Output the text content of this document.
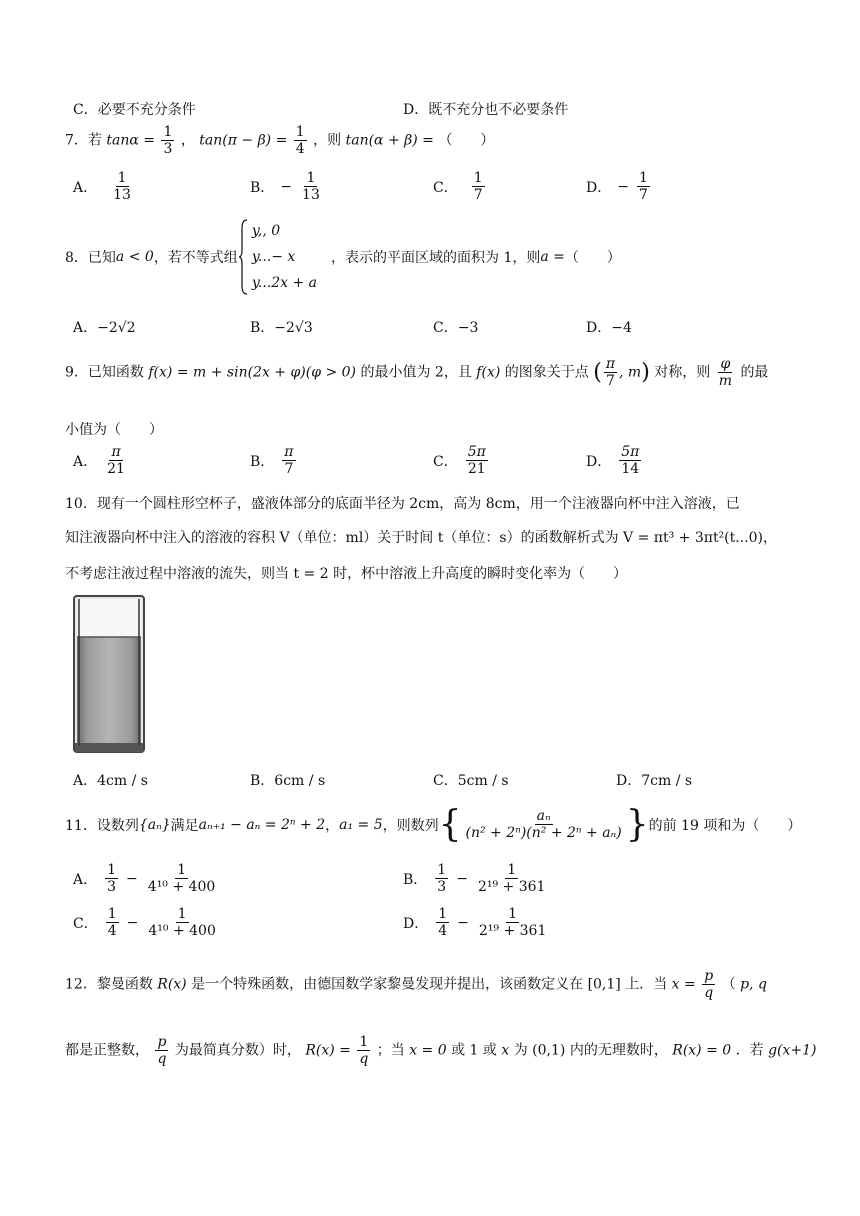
C．必要不充分条件	D．既不充分也不必要条件
7．若 $\tan\alpha = \frac{1}{3}$ ， $\tan(\pi - \beta) = \frac{1}{4}$ ，则 tan(α + β) = （　　）
A． $\frac{1}{13}$	B． − $\frac{1}{13}$	C． $\frac{1}{7}$	D． − $\frac{1}{7}$
8．已知 a < 0 ，若不等式组
y,, 0
y...− x
y...2x + a
，表示的平面区域的面积为 1，则 a = （　　）
A．−2√2	B．−2√3	C．−3	D．−4
9．已知函数 f(x) = m + sin(2x + φ)(φ > 0) 的最小值为 2，且 f(x) 的图象关于点 ( $\frac{\pi}{7}$ , m) 对称，则 $\frac{\varphi}{m}$ 的最
小值为（　　）
A． $\frac{\pi}{21}$	B． $\frac{\pi}{7}$	C． $\frac{5\pi}{21}$	D． $\frac{5\pi}{14}$
10．现有一个圆柱形空杯子，盛液体部分的底面半径为 2cm，高为 8cm，用一个注液器向杯中注入溶液，已
知注液器向杯中注入的溶液的容积 V（单位：ml）关于时间 t（单位：s）的函数解析式为 V = πt³ + 3πt²(t...0)，
不考虑注液过程中溶液的流失，则当 t = 2 时，杯中溶液上升高度的瞬时变化率为（　　）
A．4cm / s	B．6cm / s	C．5cm / s	D．7cm / s
11．设数列 {aₙ} 满足 aₙ₊₁ − aₙ = 2ⁿ + 2 ， a₁ = 5 ，则数列 { $\frac{\text{aₙ}}{\text{(n² + 2ⁿ)(n² + 2ⁿ + aₙ)}}$ } 的前 19 项和为（　　）
A． $\frac{1}{3} - \frac{1}{\text{4¹⁰ + 400}}$	B． $\frac{1}{3} - \frac{1}{\text{2¹⁹ + 361}}$
C． $\frac{1}{4} - \frac{1}{\text{4¹⁰ + 400}}$	D． $\frac{1}{4} - \frac{1}{\text{2¹⁹ + 361}}$
12．黎曼函数 R(x) 是一个特殊函数，由德国数学家黎曼发现并提出，该函数定义在 [0,1] 上．当 $x = \frac{p}{q}$ （ p, q
都是正整数， $\frac{p}{q}$ 为最简真分数）时， $R(x) = \frac{1}{q}$ ；当 x = 0 或 1 或 x 为 (0,1) 内的无理数时， R(x) = 0 ．若 g(x+1)
